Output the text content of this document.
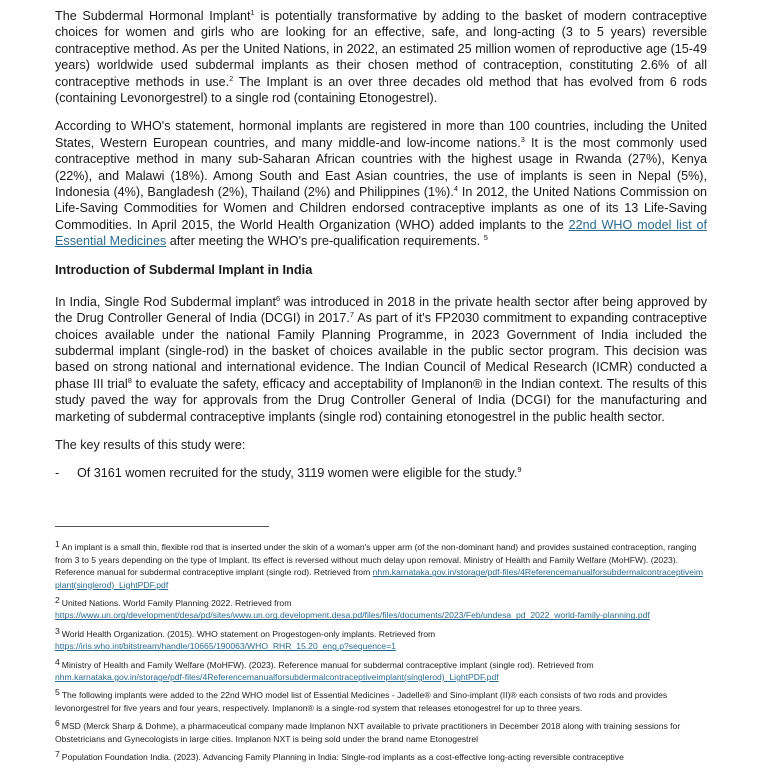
The Subdermal Hormonal Implant$^1$ is potentially transformative by adding to the basket of modern contraceptive choices for women and girls who are looking for an effective, safe, and long-acting (3 to 5 years) reversible contraceptive method. As per the United Nations, in 2022, an estimated 25 million women of reproductive age (15-49 years) worldwide used subdermal implants as their chosen method of contraception, constituting 2.6% of all contraceptive methods in use.$^2$ The Implant is an over three decades old method that has evolved from 6 rods (containing Levonorgestrel) to a single rod (containing Etonogestrel).

According to WHO's statement, hormonal implants are registered in more than 100 countries, including the United States, Western European countries, and many middle-and low-income nations.$^3$ It is the most commonly used contraceptive method in many sub-Saharan African countries with the highest usage in Rwanda (27%), Kenya (22%), and Malawi (18%). Among South and East Asian countries, the use of implants is seen in Nepal (5%), Indonesia (4%), Bangladesh (2%), Thailand (2%) and Philippines (1%).$^4$ In 2012, the United Nations Commission on Life-Saving Commodities for Women and Children endorsed contraceptive implants as one of its 13 Life-Saving Commodities. In April 2015, the World Health Organization (WHO) added implants to the 22nd WHO model list of Essential Medicines after meeting the WHO's pre-qualification requirements. $^5$

Introduction of Subdermal Implant in India

In India, Single Rod Subdermal implant$^6$ was introduced in 2018 in the private health sector after being approved by the Drug Controller General of India (DCGI) in 2017.$^7$ As part of it's FP2030 commitment to expanding contraceptive choices available under the national Family Planning Programme, in 2023 Government of India included the subdermal implant (single-rod) in the basket of choices available in the public sector program. This decision was based on strong national and international evidence. The Indian Council of Medical Research (ICMR) conducted a phase III trial$^8$ to evaluate the safety, efficacy and acceptability of Implanon® in the Indian context. The results of this study paved the way for approvals from the Drug Controller General of India (DCGI) for the manufacturing and marketing of subdermal contraceptive implants (single rod) containing etonogestrel in the public health sector.

The key results of this study were:

-	Of 3161 women recruited for the study, 3119 women were eligible for the study.$^9$
1 An implant is a small thin, flexible rod that is inserted under the skin of a woman's upper arm (of the non-dominant hand) and provides sustained contraception, ranging from 3 to 5 years depending on the type of Implant. Its effect is reversed without much delay upon removal. Ministry of Health and Family Welfare (MoHFW). (2023). Reference manual for subdermal contraceptive implant (single rod). Retrieved from nhm.karnataka.gov.in/storage/pdf-files/4Referencemanualforsubdermalcontraceptiveimplant(singlerod)_LightPDF.pdf
2 United Nations. World Family Planning 2022. Retrieved from
https://www.un.org/development/desa/pd/sites/www.un.org.development.desa.pd/files/files/documents/2023/Feb/undesa_pd_2022_world-family-planning.pdf
3 World Health Organization. (2015). WHO statement on Progestogen-only implants. Retrieved from
https://iris.who.int/bitstream/handle/10665/190063/WHO_RHR_15.20_eng.p?sequence=1
4 Ministry of Health and Family Welfare (MoHFW). (2023). Reference manual for subdermal contraceptive implant (single rod). Retrieved from
nhm.karnataka.gov.in/storage/pdf-files/4Referencemanualforsubdermalcontraceptiveimplant(singlerod)_LightPDF.pdf
5 The following implants were added to the 22nd WHO model list of Essential Medicines - Jadelle® and Sino-implant (II)® each consists of two rods and provides levonorgestrel for five years and four years, respectively. Implanon® is a single-rod system that releases etonogestrel for up to three years.
6 MSD (Merck Sharp & Dohme), a pharmaceutical company made Implanon NXT available to private practitioners in December 2018 along with training sessions for Obstetricians and Gynecologists in large cities. Implanon NXT is being sold under the brand name Etonogestrel
7 Population Foundation India. (2023). Advancing Family Planning in India: Single-rod implants as a cost-effective long-acting reversible contraceptive
